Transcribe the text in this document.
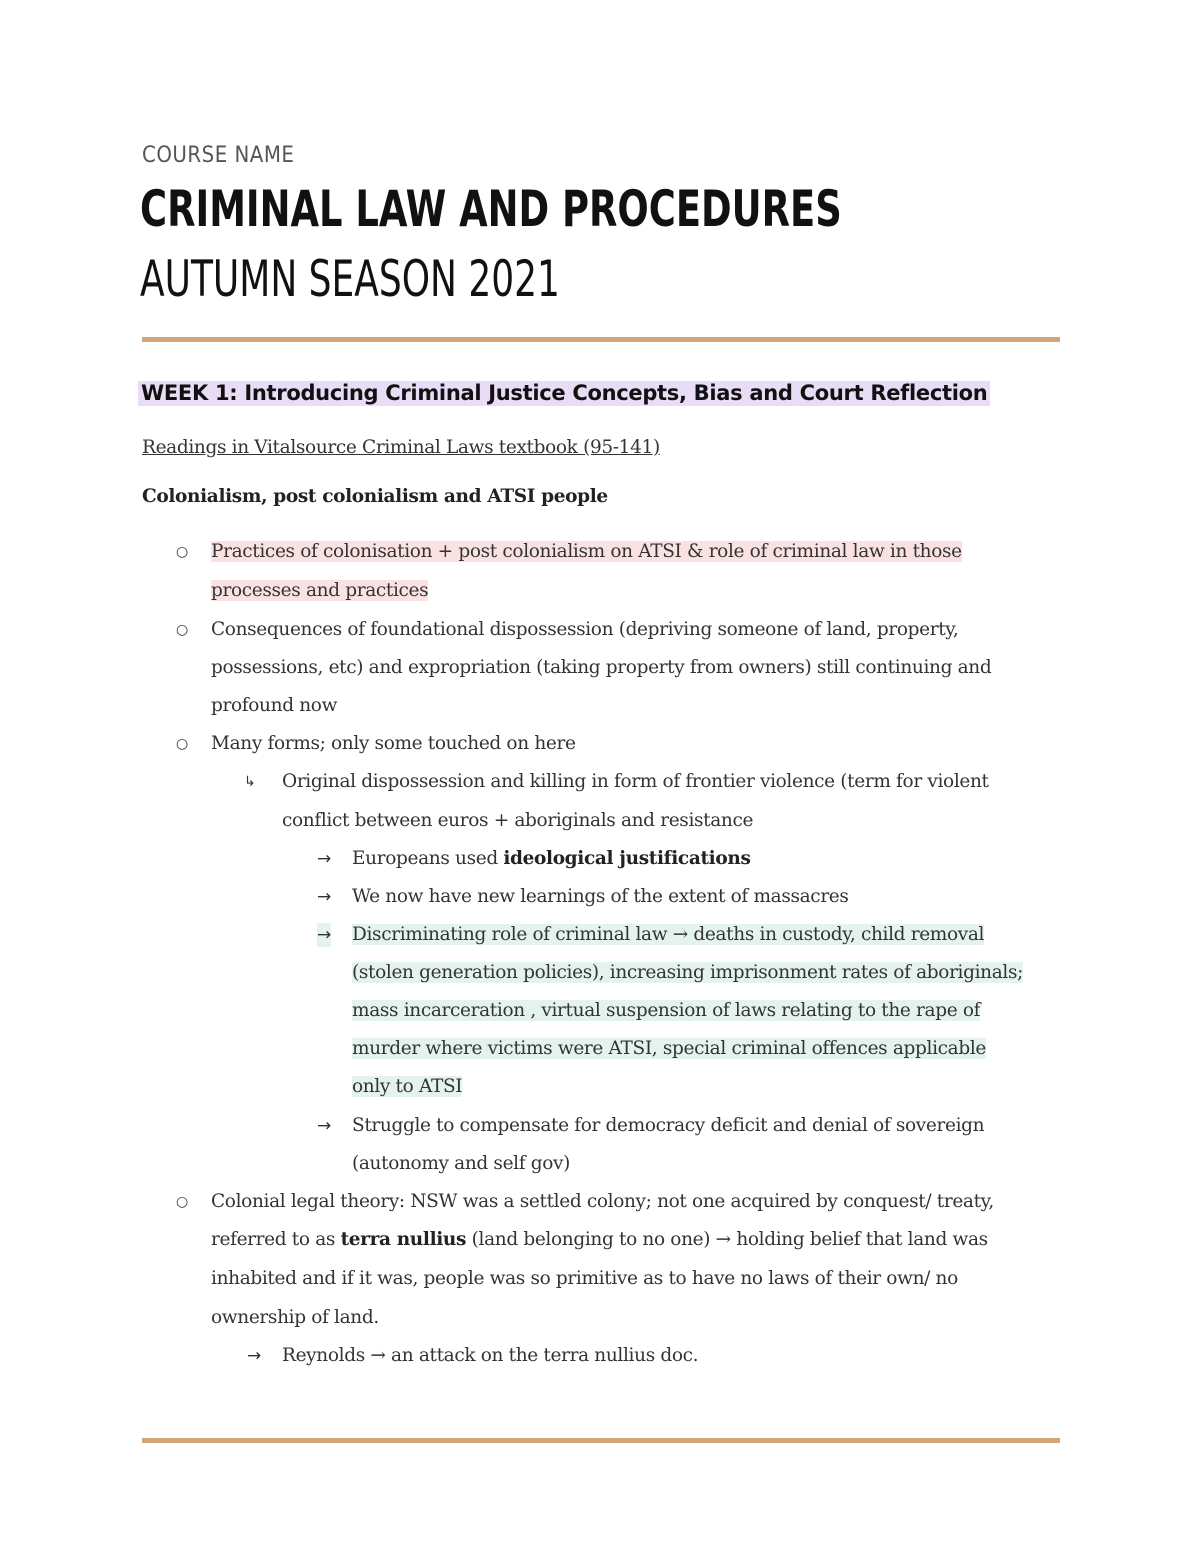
COURSE NAME
CRIMINAL LAW AND PROCEDURES
AUTUMN SEASON 2021
WEEK 1: Introducing Criminal Justice Concepts, Bias and Court Reflection
Readings in Vitalsource Criminal Laws textbook (95-141)
Colonialism, post colonialism and ATSI people
○ Practices of colonisation + post colonialism on ATSI & role of criminal law in those
processes and practices
○ Consequences of foundational dispossession (depriving someone of land, property,
possessions, etc) and expropriation (taking property from owners) still continuing and
profound now
○ Many forms; only some touched on here
↳ Original dispossession and killing in form of frontier violence (term for violent
conflict between euros + aboriginals and resistance
→ Europeans used ideological justifications
→ We now have new learnings of the extent of massacres
→ Discriminating role of criminal law → deaths in custody, child removal
(stolen generation policies), increasing imprisonment rates of aboriginals;
mass incarceration , virtual suspension of laws relating to the rape of
murder where victims were ATSI, special criminal offences applicable
only to ATSI
→ Struggle to compensate for democracy deficit and denial of sovereign
(autonomy and self gov)
○ Colonial legal theory: NSW was a settled colony; not one acquired by conquest/ treaty,
referred to as terra nullius (land belonging to no one) → holding belief that land was
inhabited and if it was, people was so primitive as to have no laws of their own/ no
ownership of land.
→ Reynolds → an attack on the terra nullius doc.
